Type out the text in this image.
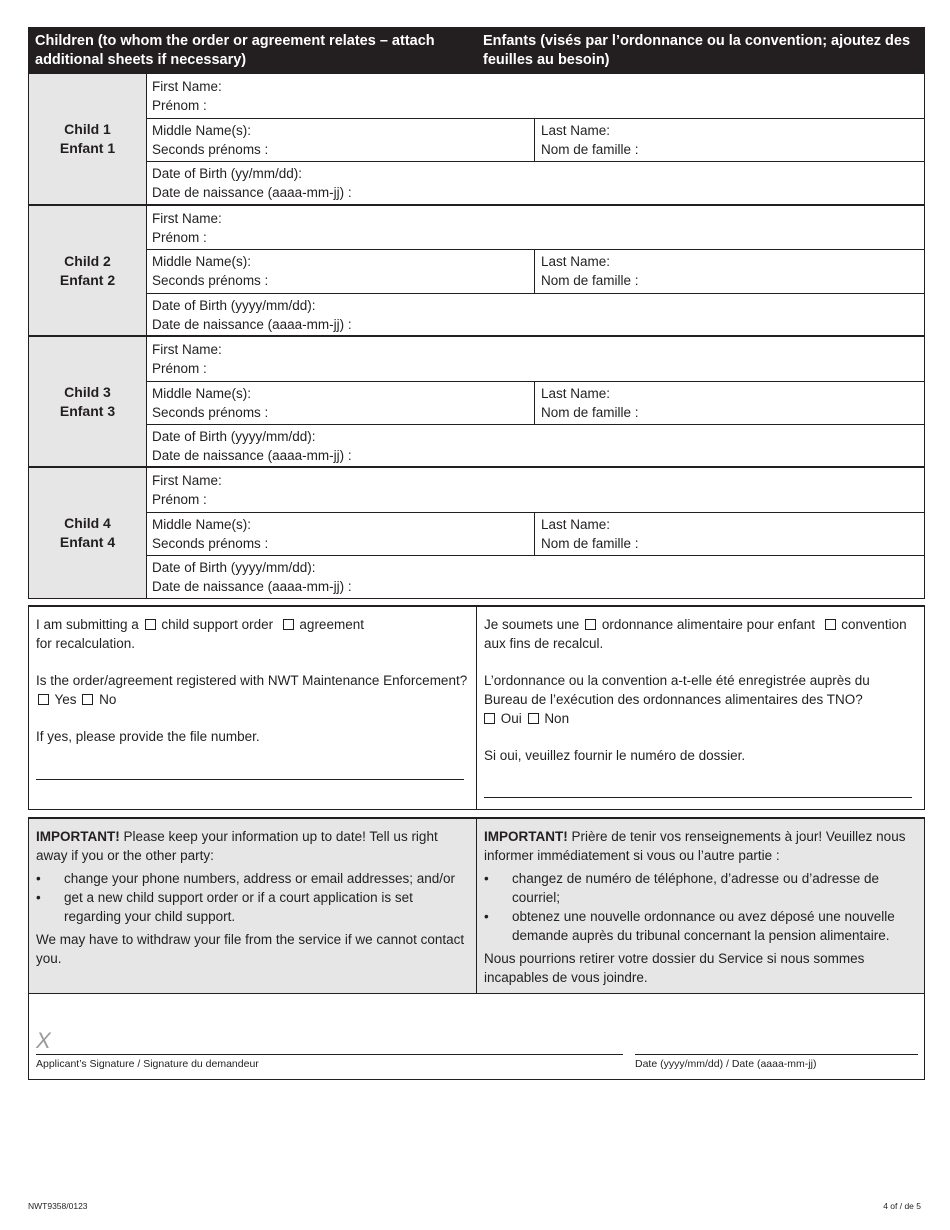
Children (to whom the order or agreement relates – attach additional sheets if necessary)
Enfants (visés par l’ordonnance ou la convention; ajoutez des feuilles au besoin)
Child 1
Enfant 1
First Name:
Prénom :
Middle Name(s):
Seconds prénoms :
Last Name:
Nom de famille :
Date of Birth (yy/mm/dd):
Date de naissance (aaaa-mm-jj) :
Child 2
Enfant 2
First Name:
Prénom :
Middle Name(s):
Seconds prénoms :
Last Name:
Nom de famille :
Date of Birth (yyyy/mm/dd):
Date de naissance (aaaa-mm-jj) :
Child 3
Enfant 3
First Name:
Prénom :
Middle Name(s):
Seconds prénoms :
Last Name:
Nom de famille :
Date of Birth (yyyy/mm/dd):
Date de naissance (aaaa-mm-jj) :
Child 4
Enfant 4
First Name:
Prénom :
Middle Name(s):
Seconds prénoms :
Last Name:
Nom de famille :
Date of Birth (yyyy/mm/dd):
Date de naissance (aaaa-mm-jj) :

I am submitting a child support order agreement
for recalculation.

Is the order/agreement registered with NWT Maintenance Enforcement?  Yes No

If yes, please provide the file number.

Je soumets une ordonnance alimentaire pour enfant convention
aux fins de recalcul.

L’ordonnance ou la convention a-t-elle été enregistrée auprès du Bureau de l’exécution des ordonnances alimentaires des TNO?
Oui Non

Si oui, veuillez fournir le numéro de dossier.

IMPORTANT! Please keep your information up to date! Tell us right away if you or the other party:

• change your phone numbers, address or email addresses; and/or

• get a new child support order or if a court application is set regarding your child support.

We may have to withdraw your file from the service if we cannot contact you.

IMPORTANT! Prière de tenir vos renseignements à jour! Veuillez nous informer immédiatement si vous ou l’autre partie :

• changez de numéro de téléphone, d’adresse ou d’adresse de courriel;

• obtenez une nouvelle ordonnance ou avez déposé une nouvelle demande auprès du tribunal concernant la pension alimentaire.

Nous pourrions retirer votre dossier du Service si nous sommes incapables de vous joindre.

X
Applicant’s Signature / Signature du demandeur	Date (yyyy/mm/dd) / Date (aaaa-mm-jj)
NWT9358/0123	4 of / de 5
